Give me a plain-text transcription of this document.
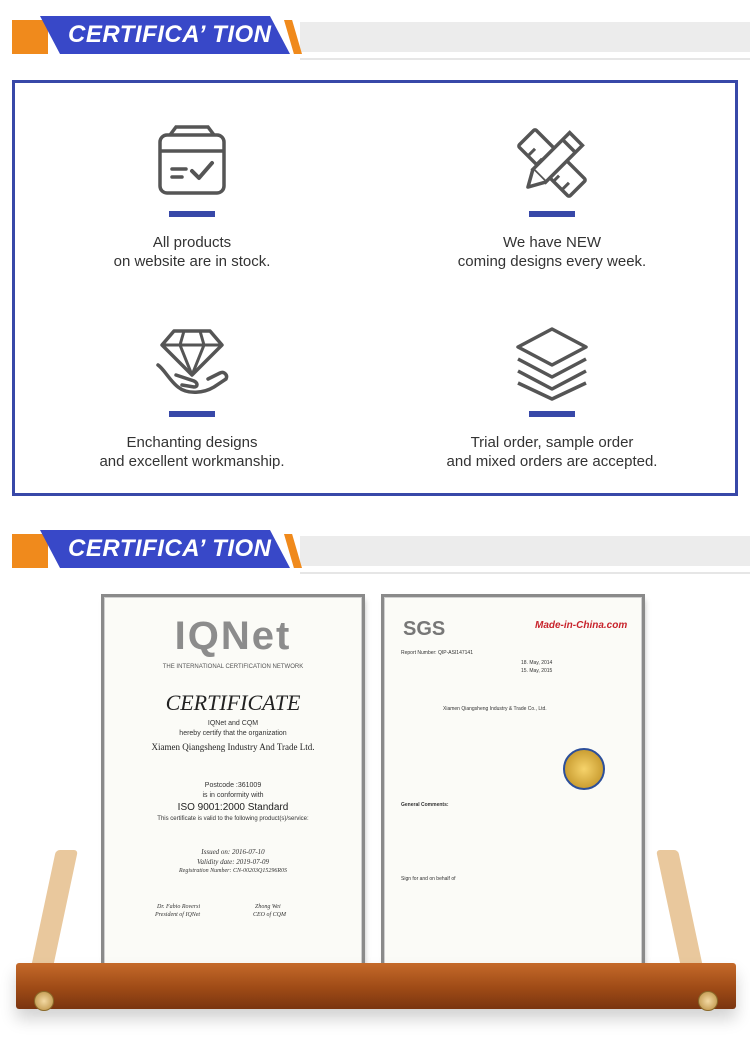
CERTIFICA’ TION
All products
on website are in stock.
We have NEW
coming designs every week.
Enchanting designs
and excellent workmanship.
Trial order, sample order
and mixed orders are accepted.
CERTIFICA’ TION
IQNet
THE INTERNATIONAL CERTIFICATION NETWORK
CERTIFICATE
IQNet and CQM
hereby certify that the organization
Xiamen Qiangsheng Industry And Trade Ltd.
Postcode :361009
is in conformity with
ISO 9001:2000 Standard
This certificate is valid to the following product(s)/service:
Issued on: 2016-07-10
Validity date: 2019-07-09
Registration Number: CN-00203Q15296R0S
Dr. Fabio Roversi
President of IQNet
Zhong Wei
CEO of CQM
SGS	Made-in-China.com
Report Number: QIP-ASI147141
18. May, 2014
15. May, 2015
Xiamen Qiangsheng Industry & Trade Co., Ltd.
General Comments:
Sign for and on behalf of
